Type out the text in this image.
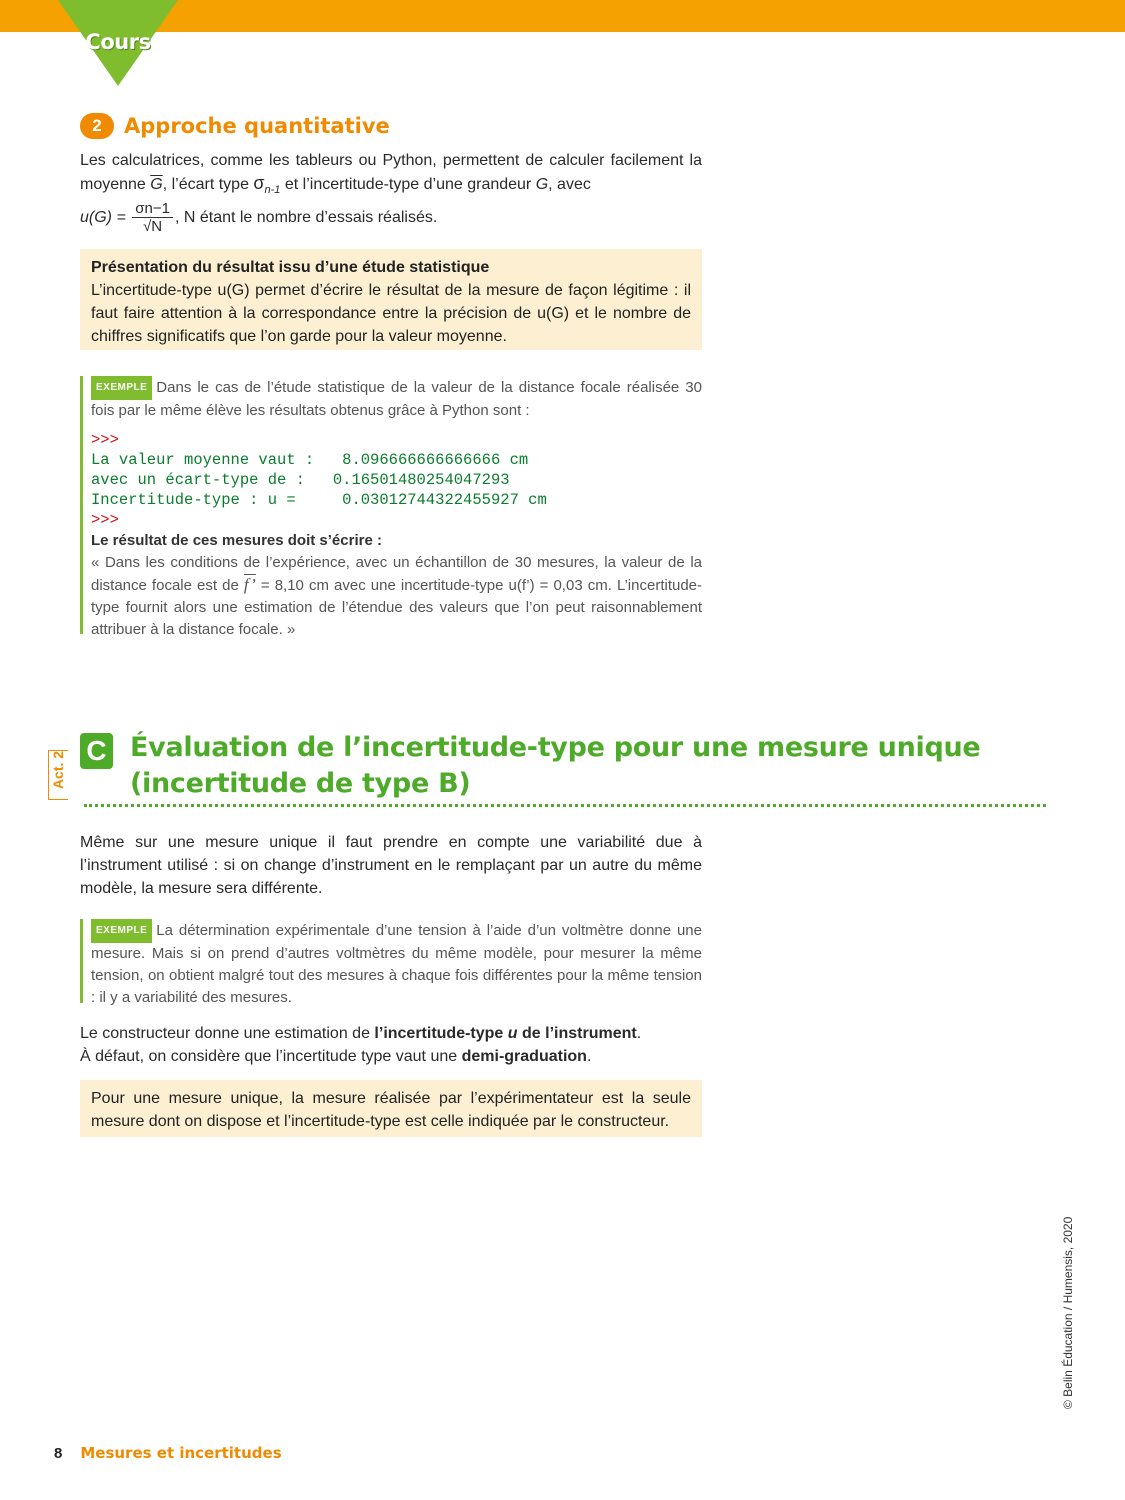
Cours
2	Approche quantitative
Les calculatrices, comme les tableurs ou Python, permettent de calculer facilement la moyenne $\overline{G}$, l’écart type $\sigma_{n-1}$ et l’incertitude-type d’une grandeur G, avec
$u(G) = \frac{\sigma n-1}{√N}$ , N étant le nombre d’essais réalisés.
Présentation du résultat issu d’une étude statistique
L’incertitude-type u(G) permet d’écrire le résultat de la mesure de façon légitime : il faut faire attention à la correspondance entre la précision de u(G) et le nombre de chiffres significatifs que l’on garde pour la valeur moyenne.
EXEMPLE Dans le cas de l’étude statistique de la valeur de la distance focale réalisée 30 fois par le même élève les résultats obtenus grâce à Python sont :
>>>
La valeur moyenne vaut :   8.096666666666666 cm
avec un écart-type de :   0.16501480254047293
Incertitude-type : u =     0.03012744322455927 cm
>>>
Le résultat de ces mesures doit s’écrire :
« Dans les conditions de l’expérience, avec un échantillon de 30 mesures, la valeur de la distance focale est de f’ = 8,10 cm avec une incertitude-type u(f’) = 0,03 cm. L’incertitude-type fournit alors une estimation de l’étendue des valeurs que l’on peut raisonnablement attribuer à la distance focale. »
Act. 2
C Évaluation de l’incertitude-type pour une mesure unique
(incertitude de type B)
Même sur une mesure unique il faut prendre en compte une variabilité due à l’instrument utilisé : si on change d’instrument en le remplaçant par un autre du même modèle, la mesure sera différente.
EXEMPLE La détermination expérimentale d’une tension à l’aide d’un voltmètre donne une mesure. Mais si on prend d’autres voltmètres du même modèle, pour mesurer la même tension, on obtient malgré tout des mesures à chaque fois différentes pour la même tension : il y a variabilité des mesures.
Le constructeur donne une estimation de l’incertitude-type u de l’instrument.
À défaut, on considère que l’incertitude type vaut une demi-graduation.
Pour une mesure unique, la mesure réalisée par l’expérimentateur est la seule mesure dont on dispose et l’incertitude-type est celle indiquée par le constructeur.
© Belin Éducation / Humensis, 2020
8 Mesures et incertitudes
